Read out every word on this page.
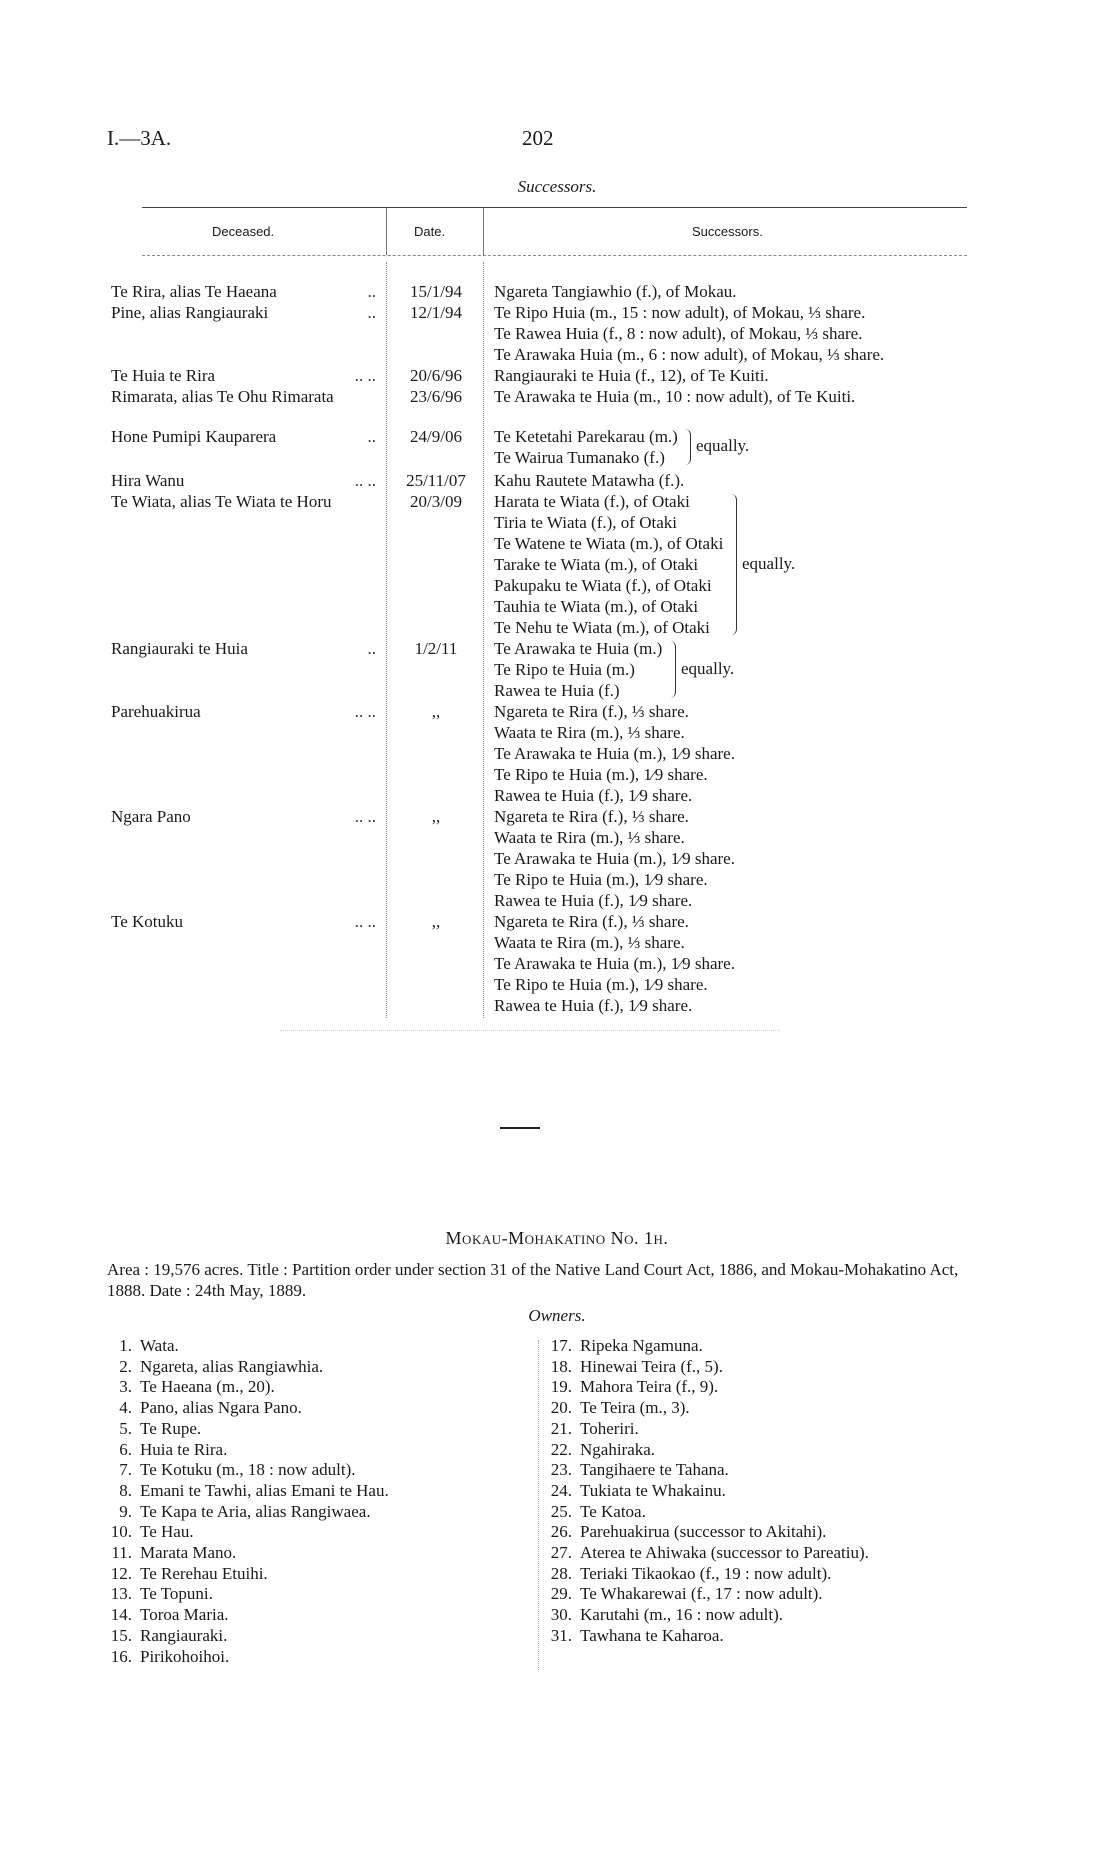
I.—3A.	202
Successors.
Deceased.	Date.	Successors.
Te Rira, alias Te Haeana	..	15/1/94	Ngareta Tangiawhio (f.), of Mokau.
Pine, alias Rangiauraki	..	12/1/94	Te Ripo Huia (m., 15 : now adult), of Mokau, ⅓ share.
Te Rawea Huia (f., 8 : now adult), of Mokau, ⅓ share.
Te Arawaka Huia (m., 6 : now adult), of Mokau, ⅓ share.
Te Huia te Rira	.. ..	20/6/96	Rangiauraki te Huia (f., 12), of Te Kuiti.
Rimarata, alias Te Ohu Rimarata	23/6/96	Te Arawaka te Huia (m., 10 : now adult), of Te Kuiti.
Hone Pumipi Kauparera	..	24/9/06	Te Ketetahi Parekarau (m.)
Te Wairua Tumanako (f.)
equally.
Hira Wanu	.. ..	25/11/07	Kahu Rautete Matawha (f.).
Te Wiata, alias Te Wiata te Horu	20/3/09	Harata te Wiata (f.), of Otaki
Tiria te Wiata (f.), of Otaki
Te Watene te Wiata (m.), of Otaki
Tarake te Wiata (m.), of Otaki
Pakupaku te Wiata (f.), of Otaki
Tauhia te Wiata (m.), of Otaki
Te Nehu te Wiata (m.), of Otaki
equally.
Rangiauraki te Huia	..	1/2/11	Te Arawaka te Huia (m.)
Te Ripo te Huia (m.)
Rawea te Huia (f.)
equally.
Parehuakirua	.. ..	,,	Ngareta te Rira (f.), ⅓ share.
Waata te Rira (m.), ⅓ share.
Te Arawaka te Huia (m.), 1⁄9 share.
Te Ripo te Huia (m.), 1⁄9 share.
Rawea te Huia (f.), 1⁄9 share.
Ngara Pano	.. ..	,,	Ngareta te Rira (f.), ⅓ share.
Waata te Rira (m.), ⅓ share.
Te Arawaka te Huia (m.), 1⁄9 share.
Te Ripo te Huia (m.), 1⁄9 share.
Rawea te Huia (f.), 1⁄9 share.
Te Kotuku	.. ..	,,	Ngareta te Rira (f.), ⅓ share.
Waata te Rira (m.), ⅓ share.
Te Arawaka te Huia (m.), 1⁄9 share.
Te Ripo te Huia (m.), 1⁄9 share.
Rawea te Huia (f.), 1⁄9 share.
Mokau-Mohakatino No. 1h.
Area : 19,576 acres. Title : Partition order under section 31 of the Native Land Court Act, 1886, and Mokau-Mohakatino Act, 1888. Date : 24th May, 1889.
Owners.
1. Wata.
2. Ngareta, alias Rangiawhia.
3. Te Haeana (m., 20).
4. Pano, alias Ngara Pano.
5. Te Rupe.
6. Huia te Rira.
7. Te Kotuku (m., 18 : now adult).
8. Emani te Tawhi, alias Emani te Hau.
9. Te Kapa te Aria, alias Rangiwaea.
10. Te Hau.
11. Marata Mano.
12. Te Rerehau Etuihi.
13. Te Topuni.
14. Toroa Maria.
15. Rangiauraki.
16. Pirikohoihoi.
17. Ripeka Ngamuna.
18. Hinewai Teira (f., 5).
19. Mahora Teira (f., 9).
20. Te Teira (m., 3).
21. Toheriri.
22. Ngahiraka.
23. Tangihaere te Tahana.
24. Tukiata te Whakainu.
25. Te Katoa.
26. Parehuakirua (successor to Akitahi).
27. Aterea te Ahiwaka (successor to Pareatiu).
28. Teriaki Tikaokao (f., 19 : now adult).
29. Te Whakarewai (f., 17 : now adult).
30. Karutahi (m., 16 : now adult).
31. Tawhana te Kaharoa.
